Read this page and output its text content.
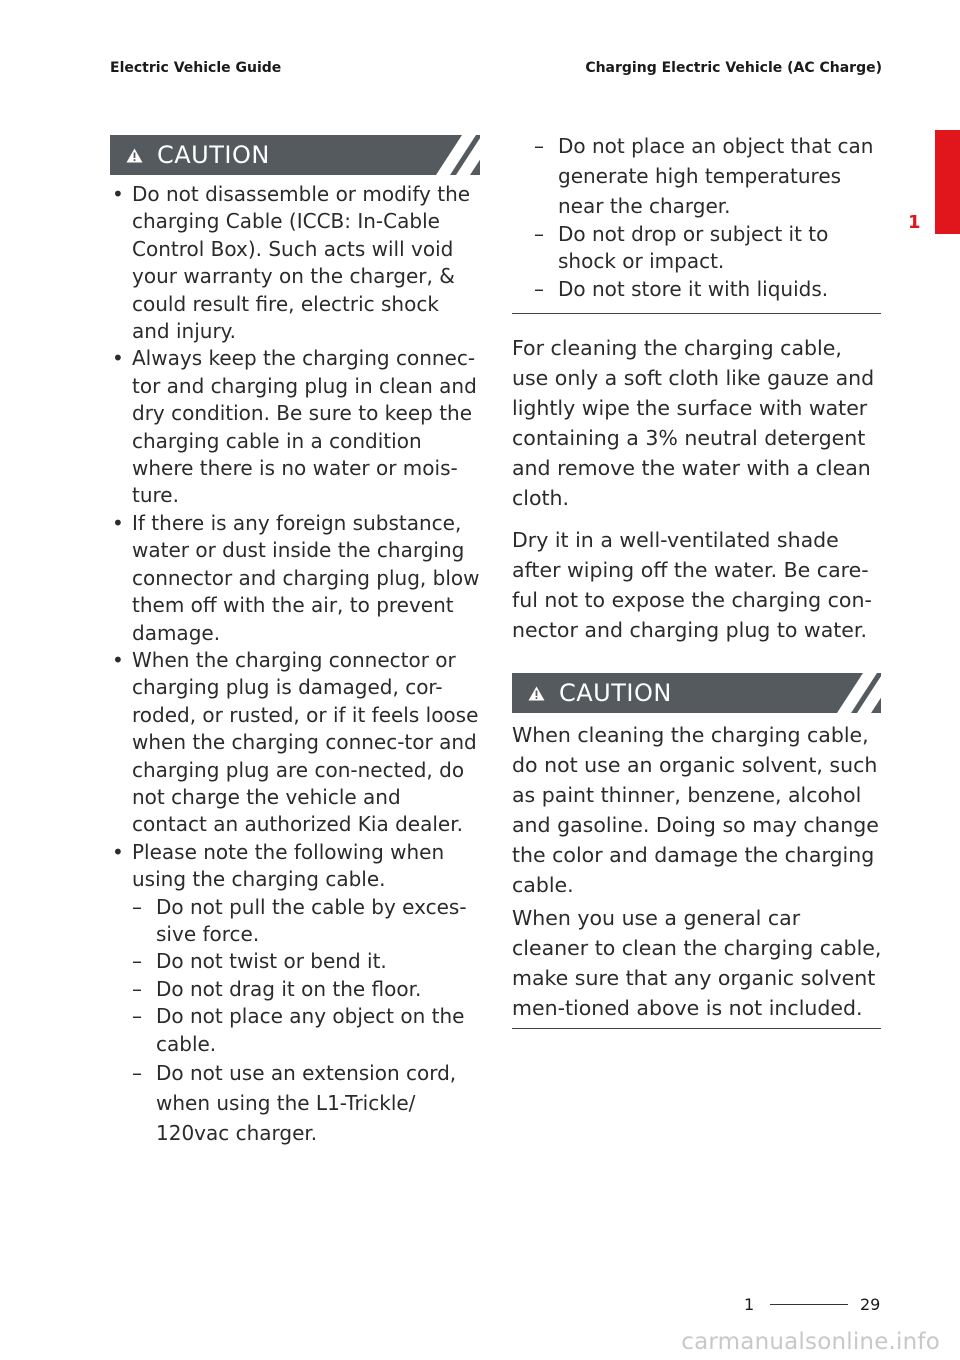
Electric Vehicle Guide	Charging Electric Vehicle (AC Charge)
1
CAUTION
• Do not disassemble or modify the charging Cable (ICCB: In-Cable Control Box). Such acts will void your warranty on the charger, & could result fire, electric shock and injury.
• Always keep the charging connec-tor and charging plug in clean and dry condition. Be sure to keep the charging cable in a condition where there is no water or mois-ture.
• If there is any foreign substance, water or dust inside the charging connector and charging plug, blow them off with the air, to prevent damage.
• When the charging connector or charging plug is damaged, cor-roded, or rusted, or if it feels loose when the charging connec-tor and charging plug are con-nected, do not charge the vehicle and contact an authorized Kia dealer.
• Please note the following when using the charging cable.
– Do not pull the cable by exces-sive force.
– Do not twist or bend it.
– Do not drag it on the floor.
– Do not place any object on the cable.
– Do not use an extension cord, when using the L1-Trickle/ 120vac charger.
– Do not place an object that can generate high temperatures near the charger.
– Do not drop or subject it to shock or impact.
– Do not store it with liquids.
For cleaning the charging cable, use only a soft cloth like gauze and lightly wipe the surface with water containing a 3% neutral detergent and remove the water with a clean cloth.
Dry it in a well-ventilated shade after wiping off the water. Be care-ful not to expose the charging con-nector and charging plug to water.
CAUTION
When cleaning the charging cable, do not use an organic solvent, such as paint thinner, benzene, alcohol and gasoline. Doing so may change the color and damage the charging cable.
When you use a general car cleaner to clean the charging cable, make sure that any organic solvent men-tioned above is not included.
1	29
carmanualsonline.info
